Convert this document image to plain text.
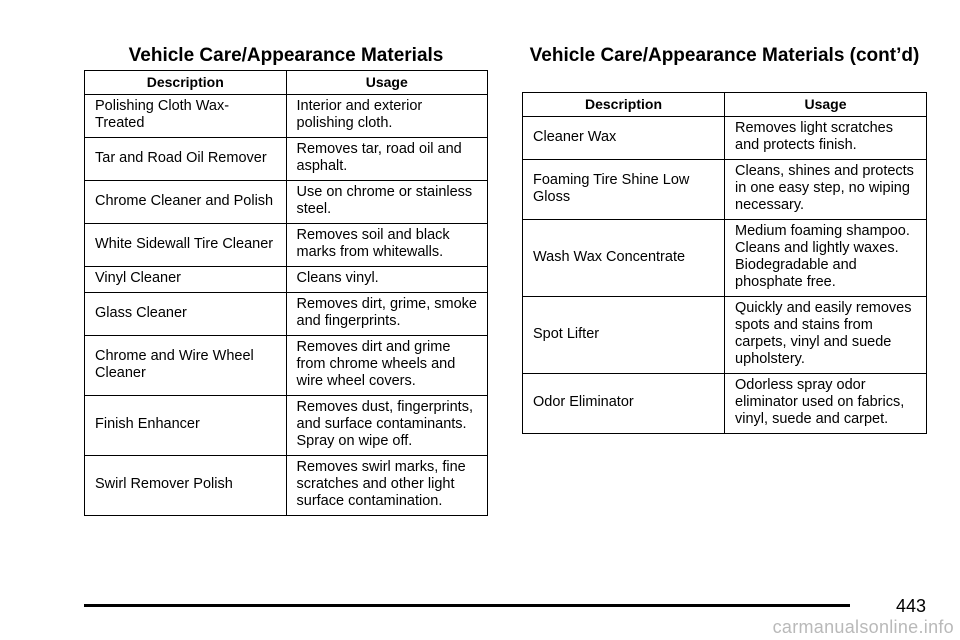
Vehicle Care/Appearance Materials
Description	Usage
Polishing Cloth Wax-Treated	Interior and exterior polishing cloth.
Tar and Road Oil Remover	Removes tar, road oil and asphalt.
Chrome Cleaner and Polish	Use on chrome or stainless steel.
White Sidewall Tire Cleaner	Removes soil and black marks from whitewalls.
Vinyl Cleaner	Cleans vinyl.
Glass Cleaner	Removes dirt, grime, smoke and fingerprints.
Chrome and Wire Wheel Cleaner	Removes dirt and grime from chrome wheels and wire wheel covers.
Finish Enhancer	Removes dust, fingerprints, and surface contaminants. Spray on wipe off.
Swirl Remover Polish	Removes swirl marks, fine scratches and other light surface contamination.
Vehicle Care/Appearance Materials (cont’d)
Description	Usage
Cleaner Wax	Removes light scratches and protects finish.
Foaming Tire Shine Low Gloss	Cleans, shines and protects in one easy step, no wiping necessary.
Wash Wax Concentrate	Medium foaming shampoo. Cleans and lightly waxes. Biodegradable and phosphate free.
Spot Lifter	Quickly and easily removes spots and stains from carpets, vinyl and suede upholstery.
Odor Eliminator	Odorless spray odor eliminator used on fabrics, vinyl, suede and carpet.
443
carmanualsonline.info
